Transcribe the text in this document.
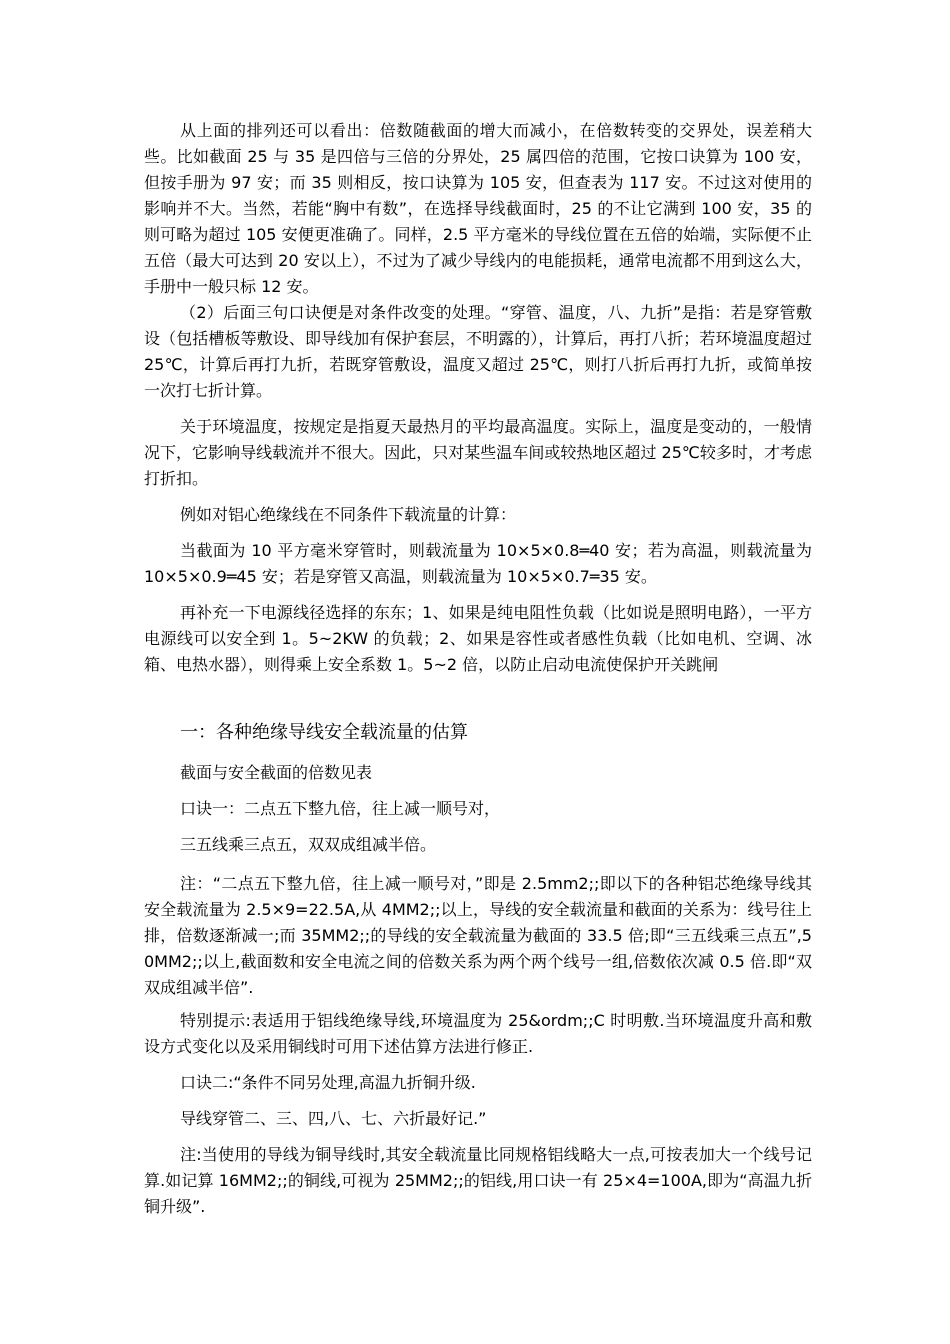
从上面的排列还可以看出：倍数随截面的增大而减小，在倍数转变的交界处，误差稍大些。比如截面 25 与 35 是四倍与三倍的分界处，25 属四倍的范围，它按口诀算为 100 安，但按手册为 97 安；而 35 则相反，按口诀算为 105 安，但查表为 117 安。不过这对使用的影响并不大。当然，若能“胸中有数”，在选择导线截面时，25 的不让它满到 100 安，35 的则可略为超过 105 安便更准确了。同样，2.5 平方毫米的导线位置在五倍的始端，实际便不止五倍（最大可达到 20 安以上），不过为了减少导线内的电能损耗，通常电流都不用到这么大，手册中一般只标 12 安。

（2）后面三句口诀便是对条件改变的处理。“穿管、温度，八、九折”是指：若是穿管敷设（包括槽板等敷设、即导线加有保护套层，不明露的），计算后，再打八折；若环境温度超过 25℃，计算后再打九折，若既穿管敷设，温度又超过 25℃，则打八折后再打九折，或简单按一次打七折计算。

关于环境温度，按规定是指夏天最热月的平均最高温度。实际上，温度是变动的，一般情况下，它影响导线载流并不很大。因此，只对某些温车间或较热地区超过 25℃较多时，才考虑打折扣。

例如对铝心绝缘线在不同条件下载流量的计算：

当截面为 10 平方毫米穿管时，则载流量为 10×5×0.8═40 安；若为高温，则载流量为 10×5×0.9═45 安；若是穿管又高温，则载流量为 10×5×0.7═35 安。

再补充一下电源线径选择的东东；1、如果是纯电阻性负载（比如说是照明电路），一平方电源线可以安全到 1。5~2KW 的负载；2、如果是容性或者感性负载（比如电机、空调、冰箱、电热水器），则得乘上安全系数 1。5~2 倍，以防止启动电流使保护开关跳闸

一：各种绝缘导线安全载流量的估算

截面与安全截面的倍数见表

口诀一：二点五下整九倍，往上减一顺号对，

三五线乘三点五，双双成组减半倍。

注：“二点五下整九倍，往上减一顺号对，”即是 2.5mm2;;即以下的各种铝芯绝缘导线其安全载流量为 2.5×9=22.5A,从 4MM2;;以上，导线的安全载流量和截面的关系为：线号往上排，倍数逐渐减一;而 35MM2;;的导线的安全载流量为截面的 33.5 倍;即“三五线乘三点五”,50MM2;;以上,截面数和安全电流之间的倍数关系为两个两个线号一组,倍数依次减 0.5 倍.即“双双成组减半倍”.

特别提示:表适用于铝线绝缘导线,环境温度为 25&ordm;;C 时明敷.当环境温度升高和敷设方式变化以及采用铜线时可用下述估算方法进行修正.

口诀二:“条件不同另处理,高温九折铜升级.

导线穿管二、三、四,八、七、六折最好记.”

注:当使用的导线为铜导线时,其安全载流量比同规格铝线略大一点,可按表加大一个线号记算.如记算 16MM2;;的铜线,可视为 25MM2;;的铝线,用口诀一有 25×4=100A,即为“高温九折铜升级”.
